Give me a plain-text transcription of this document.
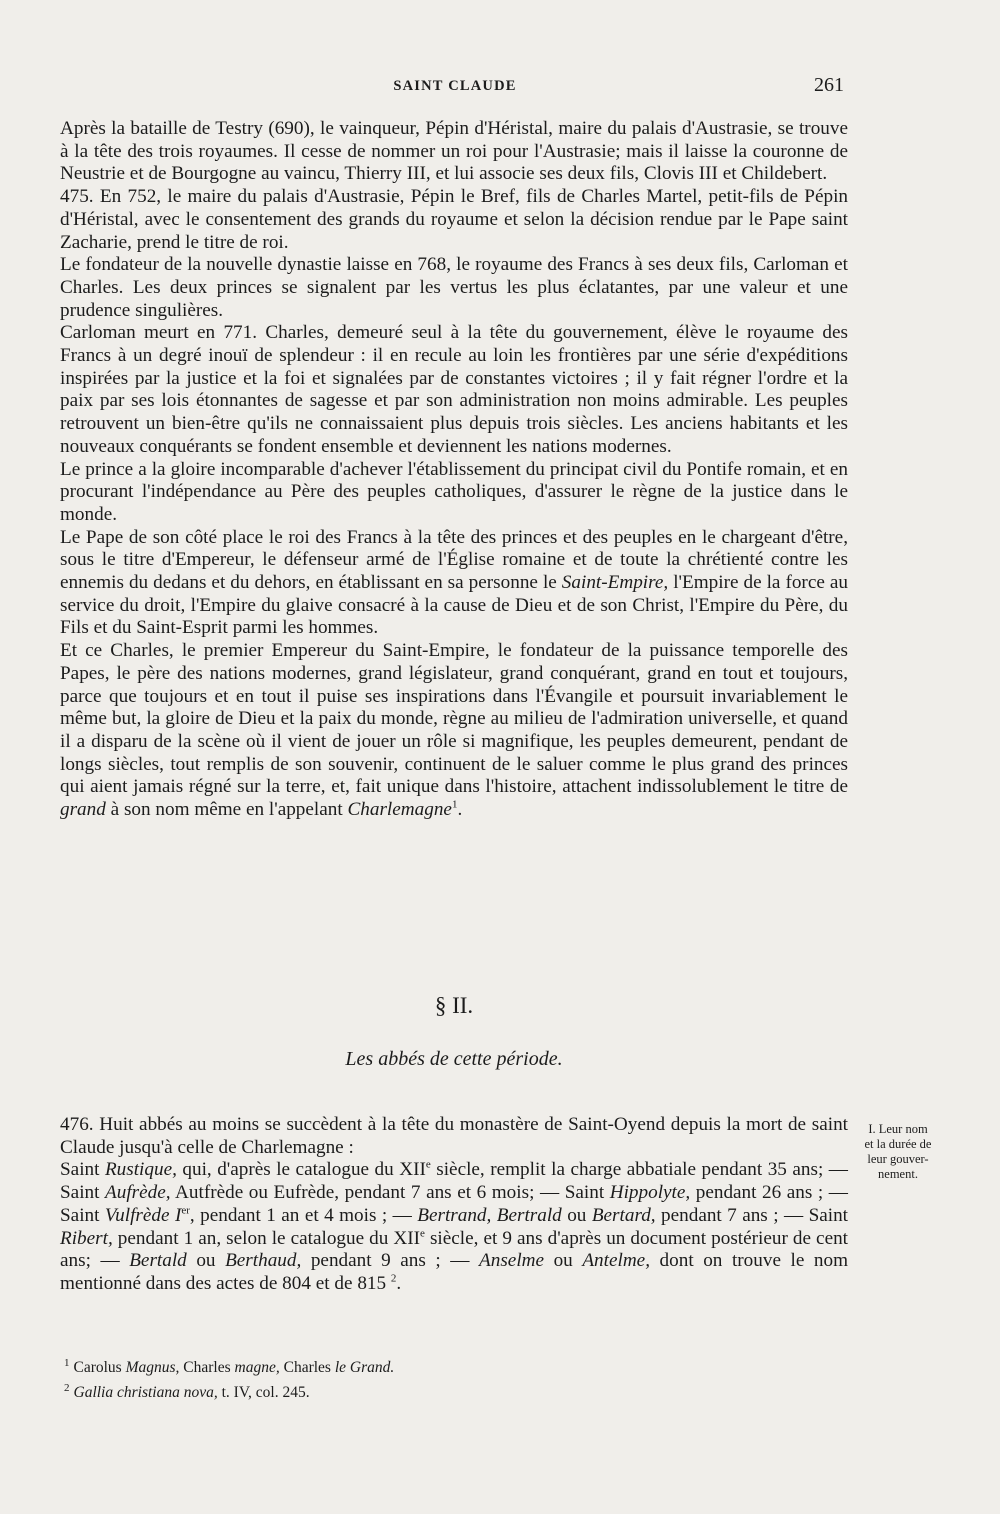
SAINT CLAUDE	261

Après la bataille de Testry (690), le vainqueur, Pépin d'Héristal, maire du palais d'Austrasie, se trouve à la tête des trois royaumes. Il cesse de nommer un roi pour l'Austrasie; mais il laisse la couronne de Neustrie et de Bourgogne au vaincu, Thierry III, et lui associe ses deux fils, Clovis III et Childebert.

475. En 752, le maire du palais d'Austrasie, Pépin le Bref, fils de Charles Martel, petit-fils de Pépin d'Héristal, avec le consentement des grands du royaume et selon la décision rendue par le Pape saint Zacharie, prend le titre de roi.

Le fondateur de la nouvelle dynastie laisse en 768, le royaume des Francs à ses deux fils, Carloman et Charles. Les deux princes se signalent par les vertus les plus éclatantes, par une valeur et une prudence singulières.

Carloman meurt en 771. Charles, demeuré seul à la tête du gouvernement, élève le royaume des Francs à un degré inouï de splendeur : il en recule au loin les frontières par une série d'expéditions inspirées par la justice et la foi et signalées par de constantes victoires ; il y fait régner l'ordre et la paix par ses lois étonnantes de sagesse et par son administration non moins admirable. Les peuples retrouvent un bien-être qu'ils ne connaissaient plus depuis trois siècles. Les anciens habitants et les nouveaux conquérants se fondent ensemble et deviennent les nations modernes.

Le prince a la gloire incomparable d'achever l'établissement du principat civil du Pontife romain, et en procurant l'indépendance au Père des peuples catholiques, d'assurer le règne de la justice dans le monde.

Le Pape de son côté place le roi des Francs à la tête des princes et des peuples en le chargeant d'être, sous le titre d'Empereur, le défenseur armé de l'Église romaine et de toute la chrétienté contre les ennemis du dedans et du dehors, en établissant en sa personne le Saint-Empire, l'Empire de la force au service du droit, l'Empire du glaive consacré à la cause de Dieu et de son Christ, l'Empire du Père, du Fils et du Saint-Esprit parmi les hommes.

Et ce Charles, le premier Empereur du Saint-Empire, le fondateur de la puissance temporelle des Papes, le père des nations modernes, grand législateur, grand conquérant, grand en tout et toujours, parce que toujours et en tout il puise ses inspirations dans l'Évangile et poursuit invariablement le même but, la gloire de Dieu et la paix du monde, règne au milieu de l'admiration universelle, et quand il a disparu de la scène où il vient de jouer un rôle si magnifique, les peuples demeurent, pendant de longs siècles, tout remplis de son souvenir, continuent de le saluer comme le plus grand des princes qui aient jamais régné sur la terre, et, fait unique dans l'histoire, attachent indissolublement le titre de grand à son nom même en l'appelant Charlemagne$^1$.

§ II.
Les abbés de cette période.

476. Huit abbés au moins se succèdent à la tête du monastère de Saint-Oyend depuis la mort de saint Claude jusqu'à celle de Charlemagne :

Saint Rustique, qui, d'après le catalogue du XIIe siècle, remplit la charge abbatiale pendant 35 ans; — Saint Aufrède, Autfrède ou Eufrède, pendant 7 ans et 6 mois; — Saint Hippolyte, pendant 26 ans ; — Saint Vulfrède Ier, pendant 1 an et 4 mois ; — Bertrand, Bertrald ou Bertard, pendant 7 ans ; — Saint Ribert, pendant 1 an, selon le catalogue du XIIe siècle, et 9 ans d'après un document postérieur de cent ans; — Bertald ou Berthaud, pendant 9 ans ; — Anselme ou Antelme, dont on trouve le nom mentionné dans des actes de 804 et de 815 $^2$.

I. Leur nom
et la durée de
leur gouver-
nement.
$^1$ Carolus Magnus, Charles magne, Charles le Grand.
$^2$ Gallia christiana nova, t. IV, col. 245.
